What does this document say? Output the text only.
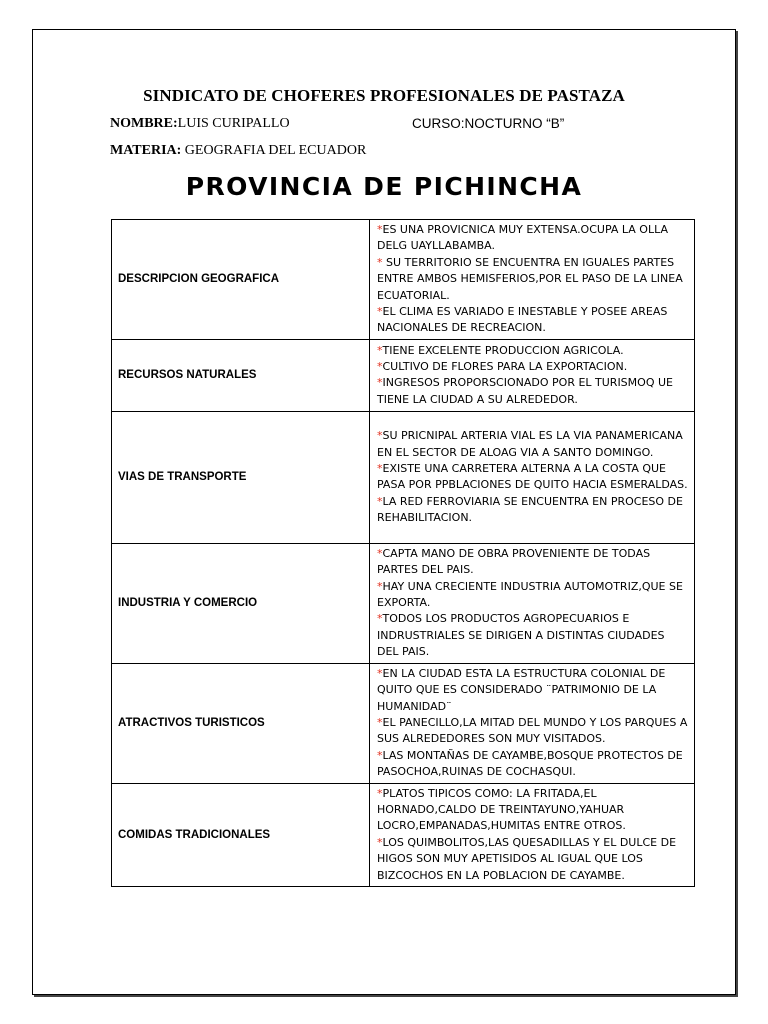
SINDICATO DE CHOFERES PROFESIONALES DE PASTAZA
NOMBRE:LUIS CURIPALLO	CURSO:NOCTURNO “B”
MATERIA: GEOGRAFIA DEL ECUADOR
PROVINCIA DE PICHINCHA
DESCRIPCION GEOGRAFICA	*ES UNA PROVICNICA MUY EXTENSA.OCUPA LA OLLA DELG UAYLLABAMBA.
* SU TERRITORIO SE ENCUENTRA EN IGUALES PARTES ENTRE AMBOS HEMISFERIOS,POR EL PASO DE LA LINEA ECUATORIAL.
*EL CLIMA ES VARIADO E INESTABLE Y POSEE AREAS NACIONALES DE RECREACION.

RECURSOS NATURALES	*TIENE EXCELENTE PRODUCCION AGRICOLA.
*CULTIVO DE FLORES PARA LA EXPORTACION.
*INGRESOS PROPORSCIONADO POR EL TURISMOQ UE TIENE LA CIUDAD A SU ALREDEDOR.

VIAS DE TRANSPORTE	*SU PRICNIPAL ARTERIA VIAL ES LA VIA PANAMERICANA EN EL SECTOR DE ALOAG VIA A SANTO DOMINGO.
*EXISTE UNA CARRETERA ALTERNA A LA COSTA QUE PASA POR PPBLACIONES DE QUITO HACIA ESMERALDAS.
*LA RED FERROVIARIA SE ENCUENTRA EN PROCESO DE REHABILITACION.

INDUSTRIA Y COMERCIO	*CAPTA MANO DE OBRA PROVENIENTE DE TODAS PARTES DEL PAIS.
*HAY UNA CRECIENTE INDUSTRIA AUTOMOTRIZ,QUE SE EXPORTA.
*TODOS LOS PRODUCTOS AGROPECUARIOS E INDRUSTRIALES SE DIRIGEN A DISTINTAS CIUDADES DEL PAIS.

ATRACTIVOS TURISTICOS	*EN LA CIUDAD ESTA LA ESTRUCTURA COLONIAL DE QUITO QUE ES CONSIDERADO ¨PATRIMONIO DE LA HUMANIDAD¨
*EL PANECILLO,LA MITAD DEL MUNDO Y LOS PARQUES A SUS ALREDEDORES SON MUY VISITADOS.
*LAS MONTAÑAS DE CAYAMBE,BOSQUE PROTECTOS DE PASOCHOA,RUINAS DE COCHASQUI.

COMIDAS TRADICIONALES	*PLATOS TIPICOS COMO: LA FRITADA,EL HORNADO,CALDO DE TREINTAYUNO,YAHUAR LOCRO,EMPANADAS,HUMITAS ENTRE OTROS.
*LOS QUIMBOLITOS,LAS QUESADILLAS Y EL DULCE DE HIGOS SON MUY APETISIDOS AL IGUAL QUE LOS BIZCOCHOS EN LA POBLACION DE CAYAMBE.
